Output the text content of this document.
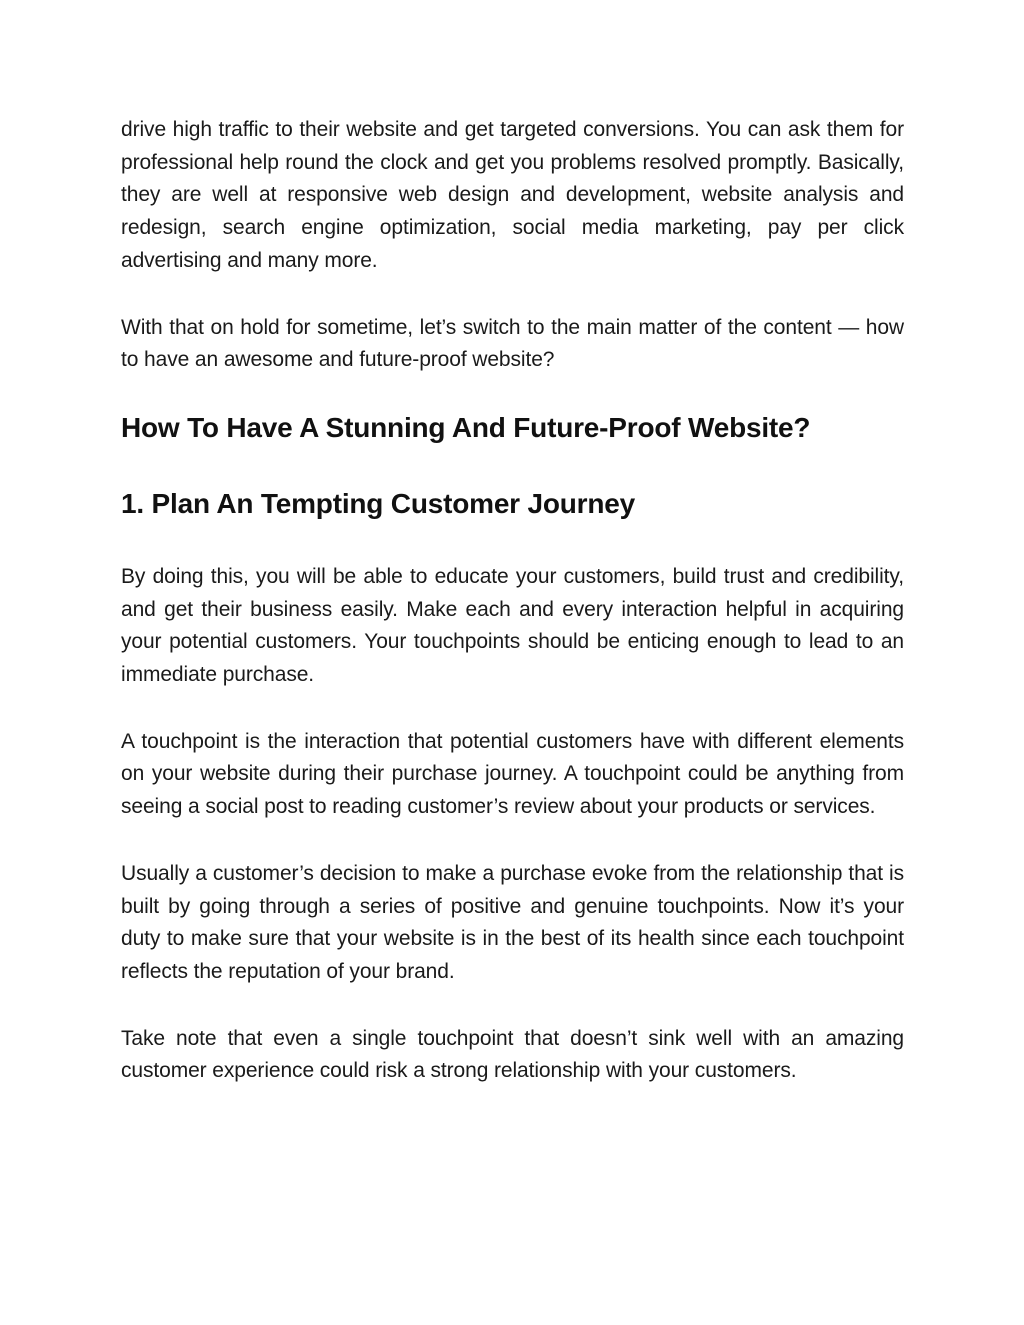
drive high traffic to their website and get targeted conversions. You can ask them for professional help round the clock and get you problems resolved promptly. Basically, they are well at responsive web design and development, website analysis and redesign, search engine optimization, social media marketing, pay per click advertising and many more.

With that on hold for sometime, let’s switch to the main matter of the content — how to have an awesome and future-proof website?

How To Have A Stunning And Future-Proof Website?
1. Plan An Tempting Customer Journey

By doing this, you will be able to educate your customers, build trust and credibility, and get their business easily. Make each and every interaction helpful in acquiring your potential customers. Your touchpoints should be enticing enough to lead to an immediate purchase.

A touchpoint is the interaction that potential customers have with different elements on your website during their purchase journey. A touchpoint could be anything from seeing a social post to reading customer’s review about your products or services.

Usually a customer’s decision to make a purchase evoke from the relationship that is built by going through a series of positive and genuine touchpoints. Now it’s your duty to make sure that your website is in the best of its health since each touchpoint reflects the reputation of your brand.

Take note that even a single touchpoint that doesn’t sink well with an amazing customer experience could risk a strong relationship with your customers.
